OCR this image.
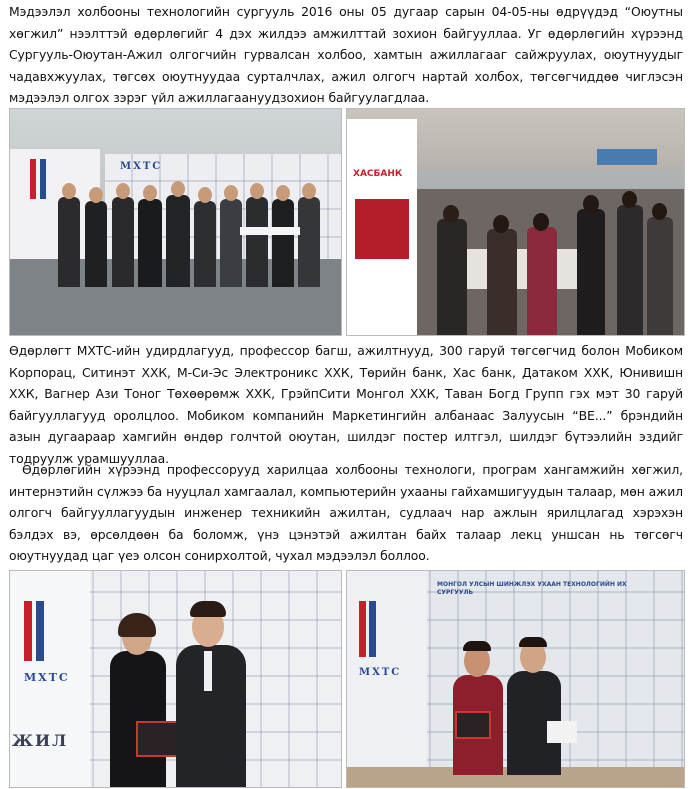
Мэдээлэл холбооны технологийн сургууль 2016 оны 05 дугаар сарын 04-05-ны өдрүүдэд “Оюутны хөгжил” нээлттэй өдөрлөгийг 4 дэх жилдээ амжилттай зохион байгууллаа. Уг өдөрлөгийн хүрээнд Сургууль-Оюутан-Ажил олгогчийн гурвалсан холбоо, хамтын ажиллагааг сайжруулах, оюутнуудыг чадавхжуулах, төгсөх оюутнуудаа сурталчлах, ажил олгогч нартай холбох, төгсөгчиддөө чиглэсэн мэдээлэл олгох зэрэг үйл ажиллагаануудзохион байгуулагдлаа.

МХТС
ХАСБАНК

Өдөрлөгт МХТС-ийн удирдлагууд, профессор багш, ажилтнууд, 300 гаруй төгсөгчид болон Мобиком Корпорац, Ситинэт ХХК, М-Си-Эс Электроникс ХХК, Төрийн банк, Хас банк, Датаком ХХК, Юнивишн ХХК, Вагнер Ази Тоног Төхөөрөмж ХХК, ГрэйпСити Монгол ХХК, Таван Богд Групп гэх мэт 30 гаруй байгууллагууд оролцлоо. Мобиком компанийн Маркетингийн албанаас Залуусын “BE...” брэндийн азын дугаараар хамгийн өндөр голчтой оюутан, шилдэг постер илтгэл, шилдэг бүтээлийн эздийг тодруулж урамшууллаа.

Өдөрлөгийн хүрээнд профессорууд харилцаа холбооны технологи, програм хангамжийн хөгжил, интернэтийн сүлжээ ба нууцлал хамгаалал, компьютерийн ухааны гайхамшигуудын талаар, мөн ажил олгогч байгууллагуудын инженер техникийн ажилтан, судлаач нар ажлын ярилцлагад хэрэхэн бэлдэх вэ, өрсөлдөөн ба боломж, үнэ цэнэтэй ажилтан байх талаар лекц уншсан нь төгсөгч оюутнуудад цаг үеэ олсон сонирхолтой, чухал мэдээлэл боллоо.

МХТС
ЖИЛ
МХТС
МОНГОЛ УЛСЫН ШИНЖЛЭХ УХААН ТЕХНОЛОГИЙН ИХ СУРГУУЛЬ
